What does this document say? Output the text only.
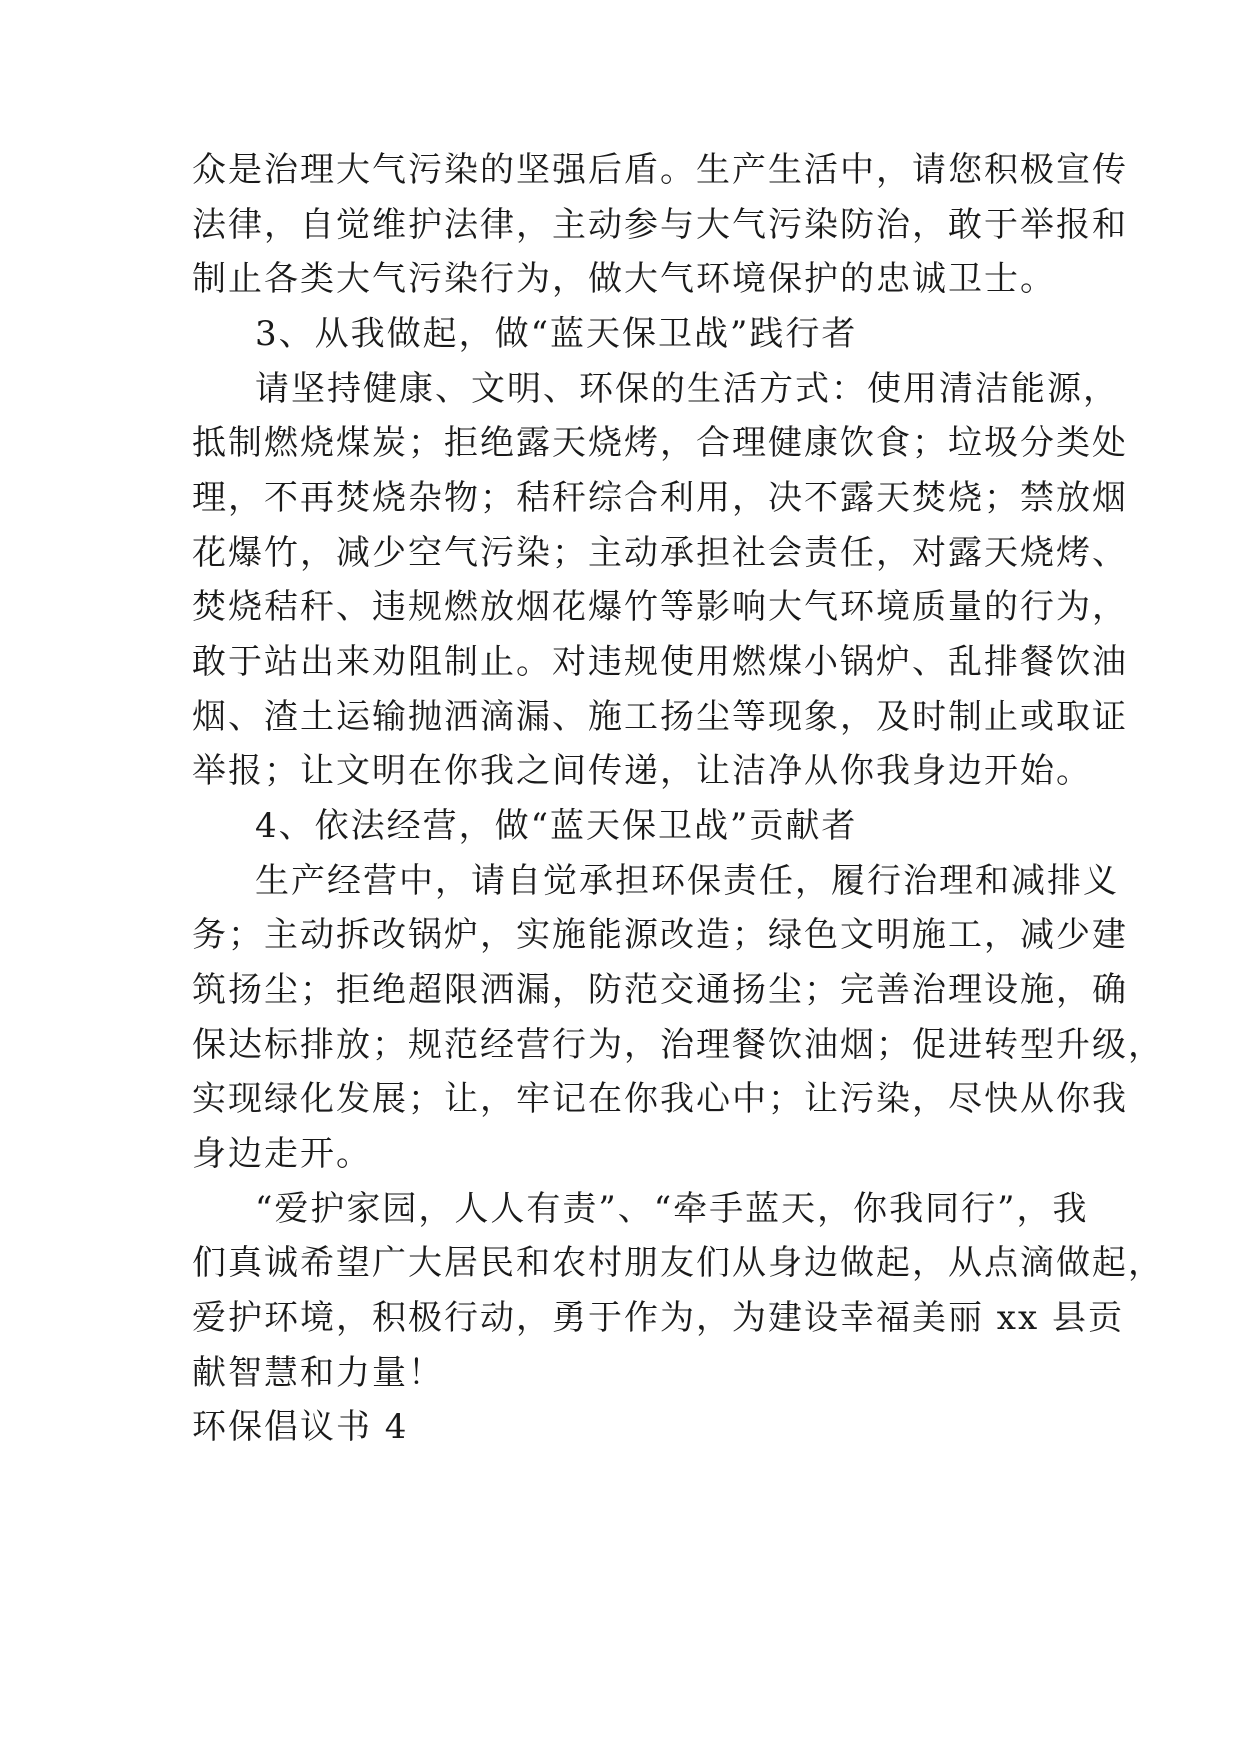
众是治理大气污染的坚强后盾。生产生活中，请您积极宣传
法律，自觉维护法律，主动参与大气污染防治，敢于举报和
制止各类大气污染行为，做大气环境保护的忠诚卫士。
3、从我做起，做“蓝天保卫战”践行者
请坚持健康、文明、环保的生活方式：使用清洁能源，
抵制燃烧煤炭；拒绝露天烧烤，合理健康饮食；垃圾分类处
理，不再焚烧杂物；秸秆综合利用，决不露天焚烧；禁放烟
花爆竹，减少空气污染；主动承担社会责任，对露天烧烤、
焚烧秸秆、违规燃放烟花爆竹等影响大气环境质量的行为，
敢于站出来劝阻制止。对违规使用燃煤小锅炉、乱排餐饮油
烟、渣土运输抛洒滴漏、施工扬尘等现象，及时制止或取证
举报；让文明在你我之间传递，让洁净从你我身边开始。
4、依法经营，做“蓝天保卫战”贡献者
生产经营中，请自觉承担环保责任，履行治理和减排义
务；主动拆改锅炉，实施能源改造；绿色文明施工，减少建
筑扬尘；拒绝超限洒漏，防范交通扬尘；完善治理设施，确
保达标排放；规范经营行为，治理餐饮油烟；促进转型升级，
实现绿化发展；让，牢记在你我心中；让污染，尽快从你我
身边走开。
“爱护家园，人人有责”、“牵手蓝天，你我同行”，我
们真诚希望广大居民和农村朋友们从身边做起，从点滴做起，
爱护环境，积极行动，勇于作为，为建设幸福美丽 xx 县贡
献智慧和力量！
环保倡议书 4
